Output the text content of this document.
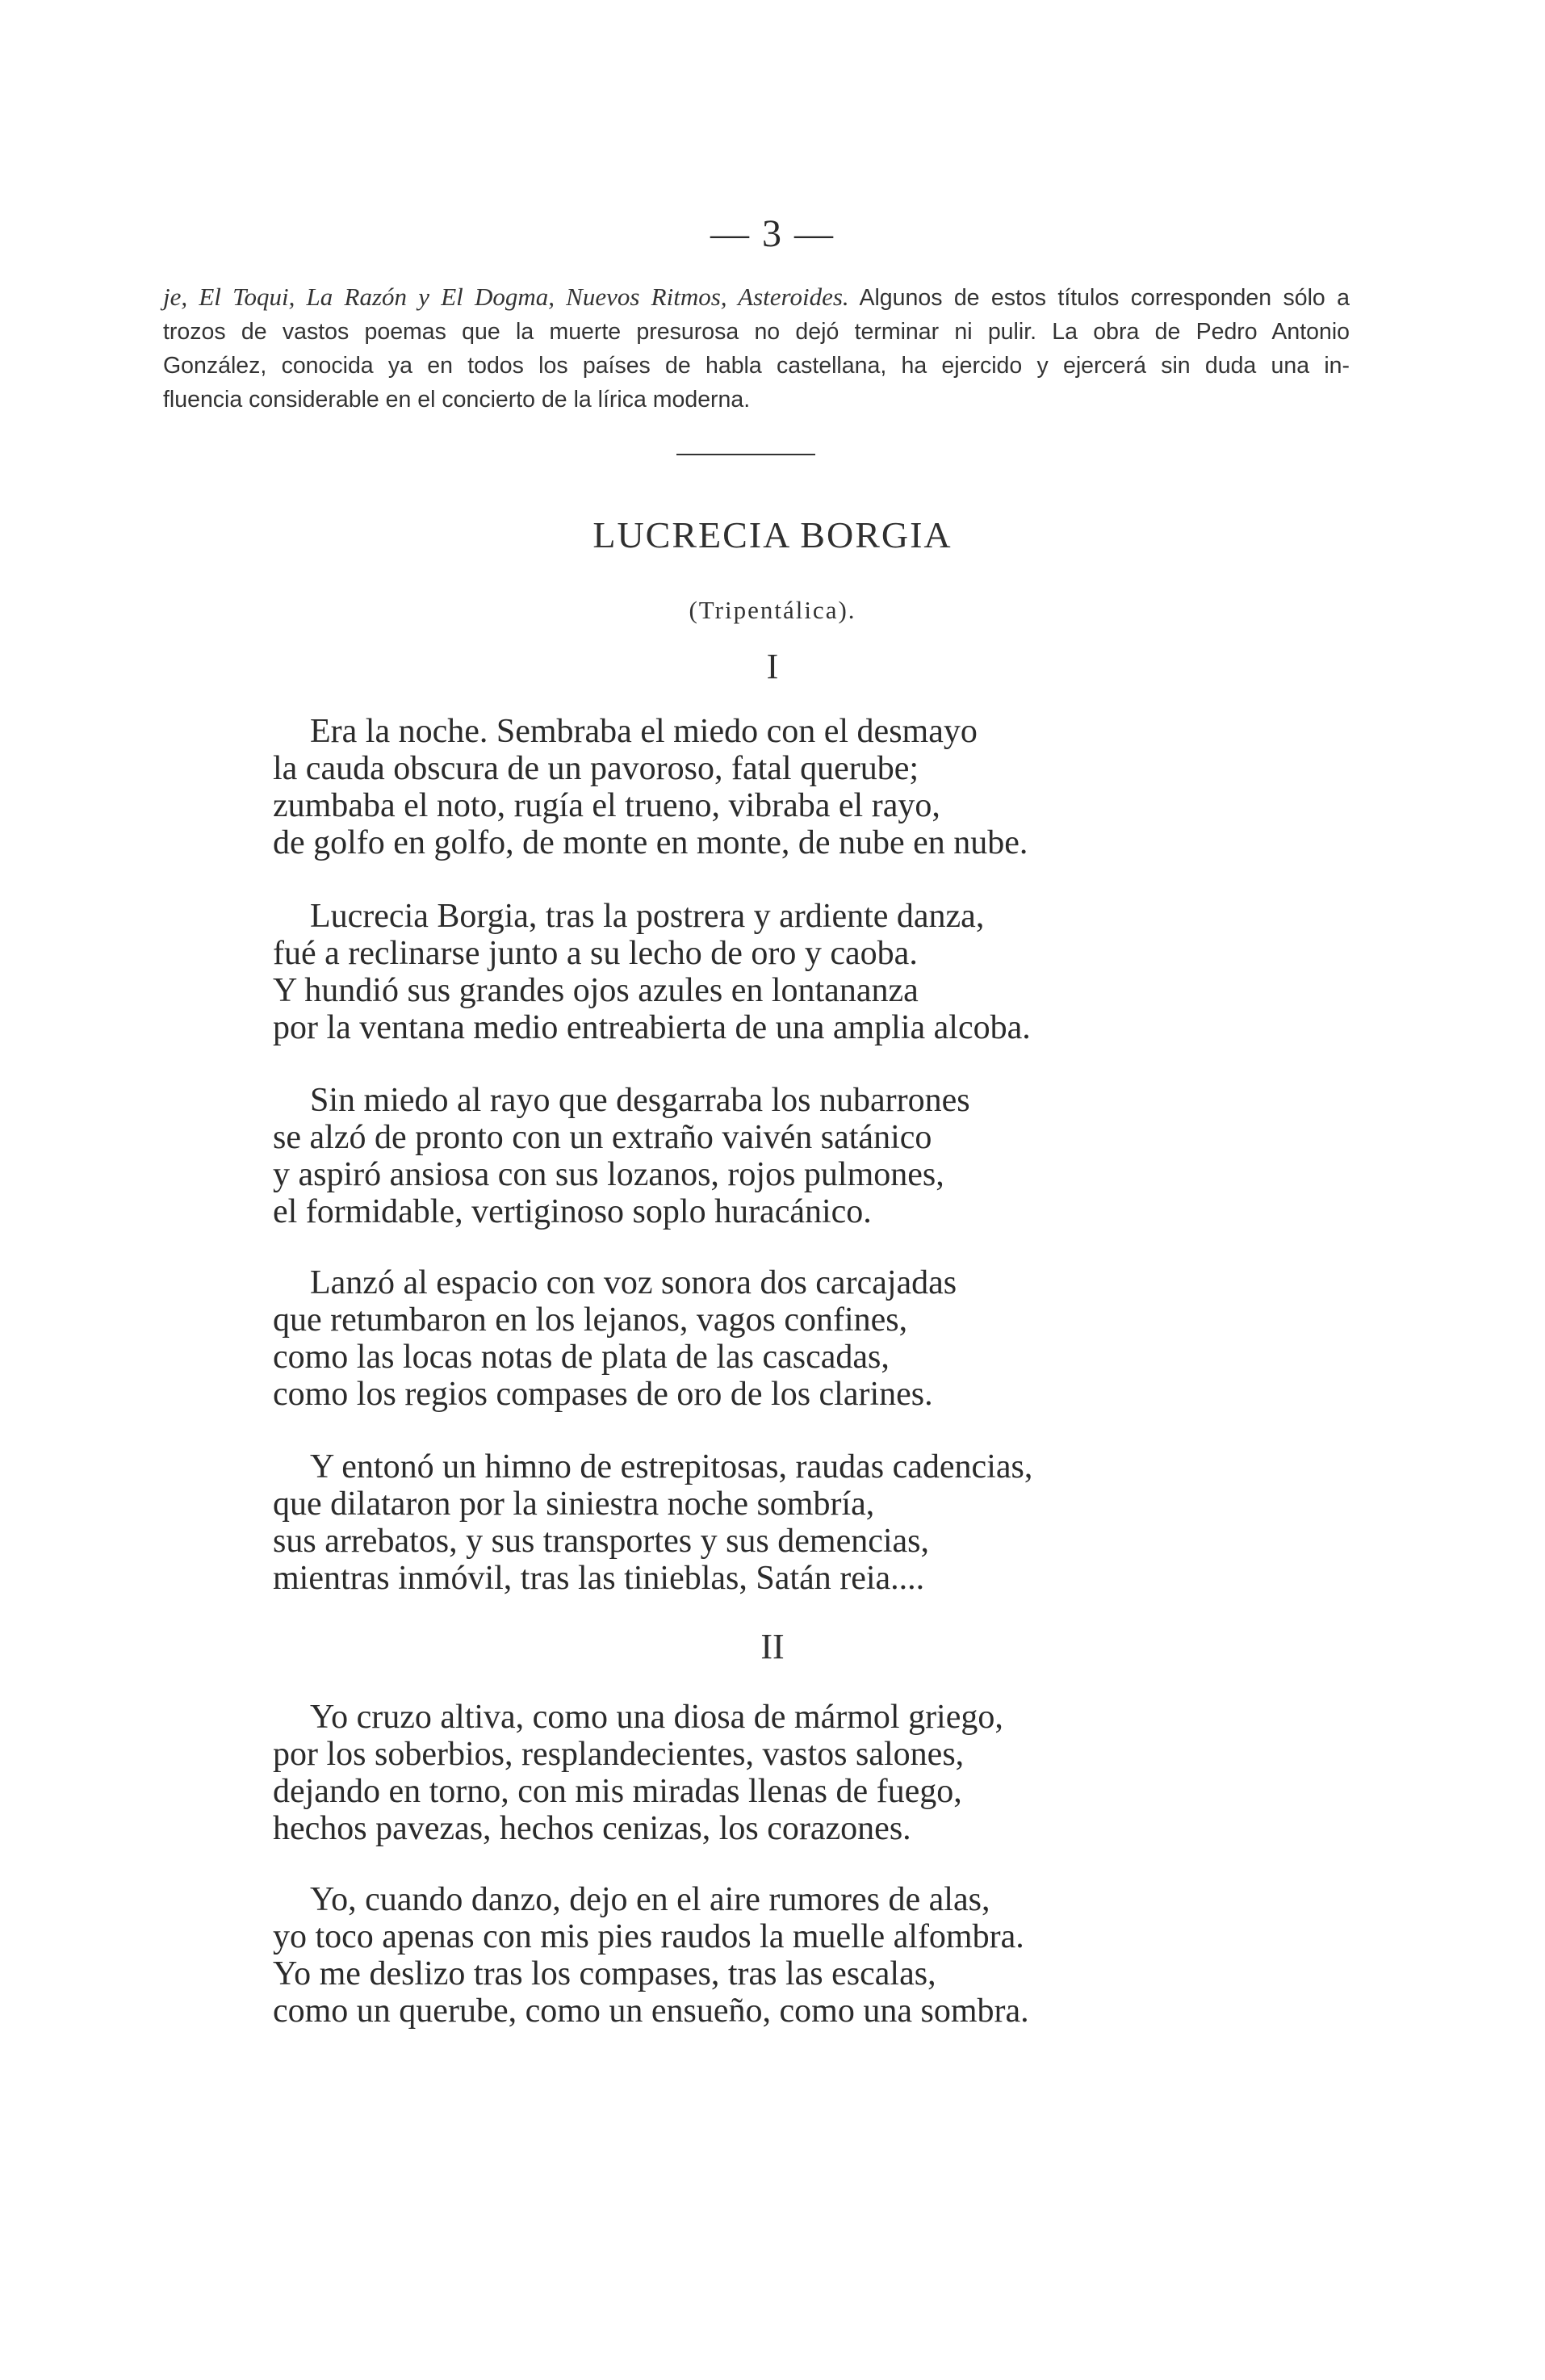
— 3 —
je, El Toqui, La Razón y El Dogma, Nuevos Ritmos, Asteroides. Algunos de estos títulos corresponden sólo a
trozos de vastos poemas que la muerte presurosa no dejó terminar ni pulir. La obra de Pedro Antonio
González, conocida ya en todos los países de habla castellana, ha ejercido y ejercerá sin duda una in-
fluencia considerable en el concierto de la lírica moderna.
LUCRECIA BORGIA
(Tripentálica).
I
Era la noche. Sembraba el miedo con el desmayo
la cauda obscura de un pavoroso, fatal querube;
zumbaba el noto, rugía el trueno, vibraba el rayo,
de golfo en golfo, de monte en monte, de nube en nube.
Lucrecia Borgia, tras la postrera y ardiente danza,
fué a reclinarse junto a su lecho de oro y caoba.
Y hundió sus grandes ojos azules en lontananza
por la ventana medio entreabierta de una amplia alcoba.
Sin miedo al rayo que desgarraba los nubarrones
se alzó de pronto con un extraño vaivén satánico
y aspiró ansiosa con sus lozanos, rojos pulmones,
el formidable, vertiginoso soplo huracánico.
Lanzó al espacio con voz sonora dos carcajadas
que retumbaron en los lejanos, vagos confines,
como las locas notas de plata de las cascadas,
como los regios compases de oro de los clarines.
Y entonó un himno de estrepitosas, raudas cadencias,
que dilataron por la siniestra noche sombría,
sus arrebatos, y sus transportes y sus demencias,
mientras inmóvil, tras las tinieblas, Satán reia....
II
Yo cruzo altiva, como una diosa de mármol griego,
por los soberbios, resplandecientes, vastos salones,
dejando en torno, con mis miradas llenas de fuego,
hechos pavezas, hechos cenizas, los corazones.
Yo, cuando danzo, dejo en el aire rumores de alas,
yo toco apenas con mis pies raudos la muelle alfombra.
Yo me deslizo tras los compases, tras las escalas,
como un querube, como un ensueño, como una sombra.
